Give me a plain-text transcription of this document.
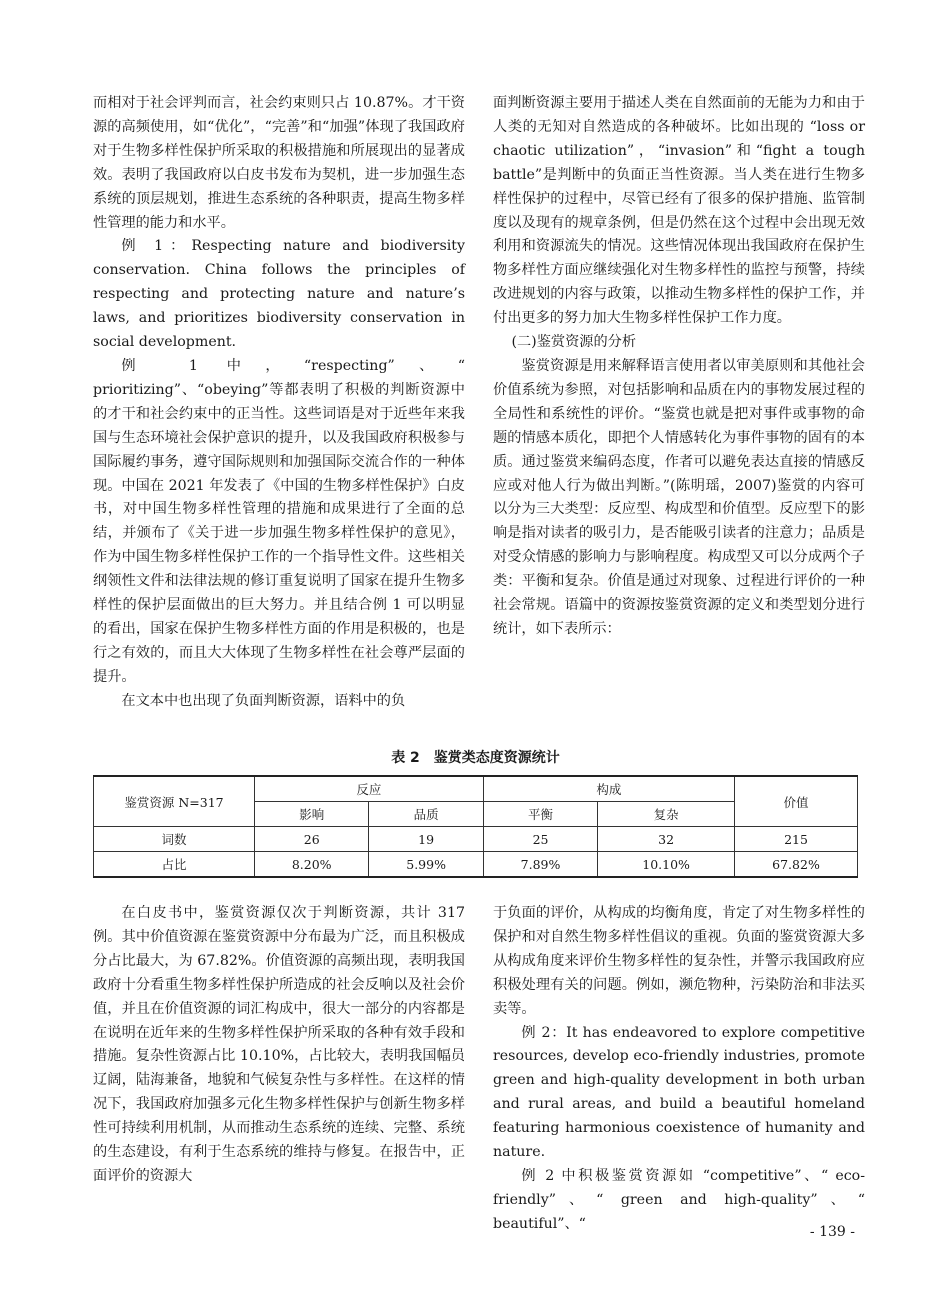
而相对于社会评判而言，社会约束则只占 10.87%。才干资源的高频使用，如“优化”，“完善”和“加强”体现了我国政府对于生物多样性保护所采取的积极措施和所展现出的显著成效。表明了我国政府以白皮书发布为契机，进一步加强生态系统的顶层规划，推进生态系统的各种职责，提高生物多样性管理的能力和水平。

例 1：Respecting nature and biodiversity conservation. China follows the principles of respecting and protecting nature and nature’s laws, and prioritizes biodiversity conservation in social development.

例 1 中，“respecting”、“ prioritizing”、“obeying”等都表明了积极的判断资源中的才干和社会约束中的正当性。这些词语是对于近些年来我国与生态环境社会保护意识的提升，以及我国政府积极参与国际履约事务，遵守国际规则和加强国际交流合作的一种体现。中国在 2021 年发表了《中国的生物多样性保护》白皮书，对中国生物多样性管理的措施和成果进行了全面的总结，并颁布了《关于进一步加强生物多样性保护的意见》，作为中国生物多样性保护工作的一个指导性文件。这些相关纲领性文件和法律法规的修订重复说明了国家在提升生物多样性的保护层面做出的巨大努力。并且结合例 1 可以明显的看出，国家在保护生物多样性方面的作用是积极的，也是行之有效的，而且大大体现了生物多样性在社会尊严层面的提升。

在文本中也出现了负面判断资源，语料中的负

面判断资源主要用于描述人类在自然面前的无能为力和由于人类的无知对自然造成的各种破坏。比如出现的 “loss or chaotic utilization”，“invasion”和“fight a tough battle”是判断中的负面正当性资源。当人类在进行生物多样性保护的过程中，尽管已经有了很多的保护措施、监管制度以及现有的规章条例，但是仍然在这个过程中会出现无效利用和资源流失的情况。这些情况体现出我国政府在保护生物多样性方面应继续强化对生物多样性的监控与预警，持续改进规划的内容与政策，以推动生物多样性的保护工作，并付出更多的努力加大生物多样性保护工作力度。

(二)鉴赏资源的分析

鉴赏资源是用来解释语言使用者以审美原则和其他社会价值系统为参照，对包括影响和品质在内的事物发展过程的全局性和系统性的评价。“鉴赏也就是把对事件或事物的命题的情感本质化，即把个人情感转化为事件事物的固有的本质。通过鉴赏来编码态度，作者可以避免表达直接的情感反应或对他人行为做出判断。”(陈明瑶，2007)鉴赏的内容可以分为三大类型：反应型、构成型和价值型。反应型下的影响是指对读者的吸引力，是否能吸引读者的注意力；品质是对受众情感的影响力与影响程度。构成型又可以分成两个子类：平衡和复杂。价值是通过对现象、过程进行评价的一种社会常规。语篇中的资源按鉴赏资源的定义和类型划分进行统计，如下表所示：

表 2　鉴赏类态度资源统计
鉴赏资源 N=317	反应		构成		价值
	影响	品质	平衡	复杂	
词数	26	19	25	32	215
占比	8.20%	5.99%	7.89%	10.10%	67.82%

在白皮书中，鉴赏资源仅次于判断资源，共计 317 例。其中价值资源在鉴赏资源中分布最为广泛，而且积极成分占比最大，为 67.82%。价值资源的高频出现，表明我国政府十分看重生物多样性保护所造成的社会反响以及社会价值，并且在价值资源的词汇构成中，很大一部分的内容都是在说明在近年来的生物多样性保护所采取的各种有效手段和措施。复杂性资源占比 10.10%，占比较大，表明我国幅员辽阔，陆海兼备，地貌和气候复杂性与多样性。在这样的情况下，我国政府加强多元化生物多样性保护与创新生物多样性可持续利用机制，从而推动生态系统的连续、完整、系统的生态建设，有利于生态系统的维持与修复。在报告中，正面评价的资源大

于负面的评价，从构成的均衡角度，肯定了对生物多样性的保护和对自然生物多样性倡议的重视。负面的鉴赏资源大多从构成角度来评价生物多样性的复杂性，并警示我国政府应积极处理有关的问题。例如，濒危物种，污染防治和非法买卖等。

例 2：It has endeavored to explore competitive resources, develop eco-friendly industries, promote green and high-quality development in both urban and rural areas, and build a beautiful homeland featuring harmonious coexistence of humanity and nature.

例 2 中积极鉴赏资源如 “competitive”、“ eco-friendly”、“ green and high-quality”、“ beautiful”、“

- 139 -
